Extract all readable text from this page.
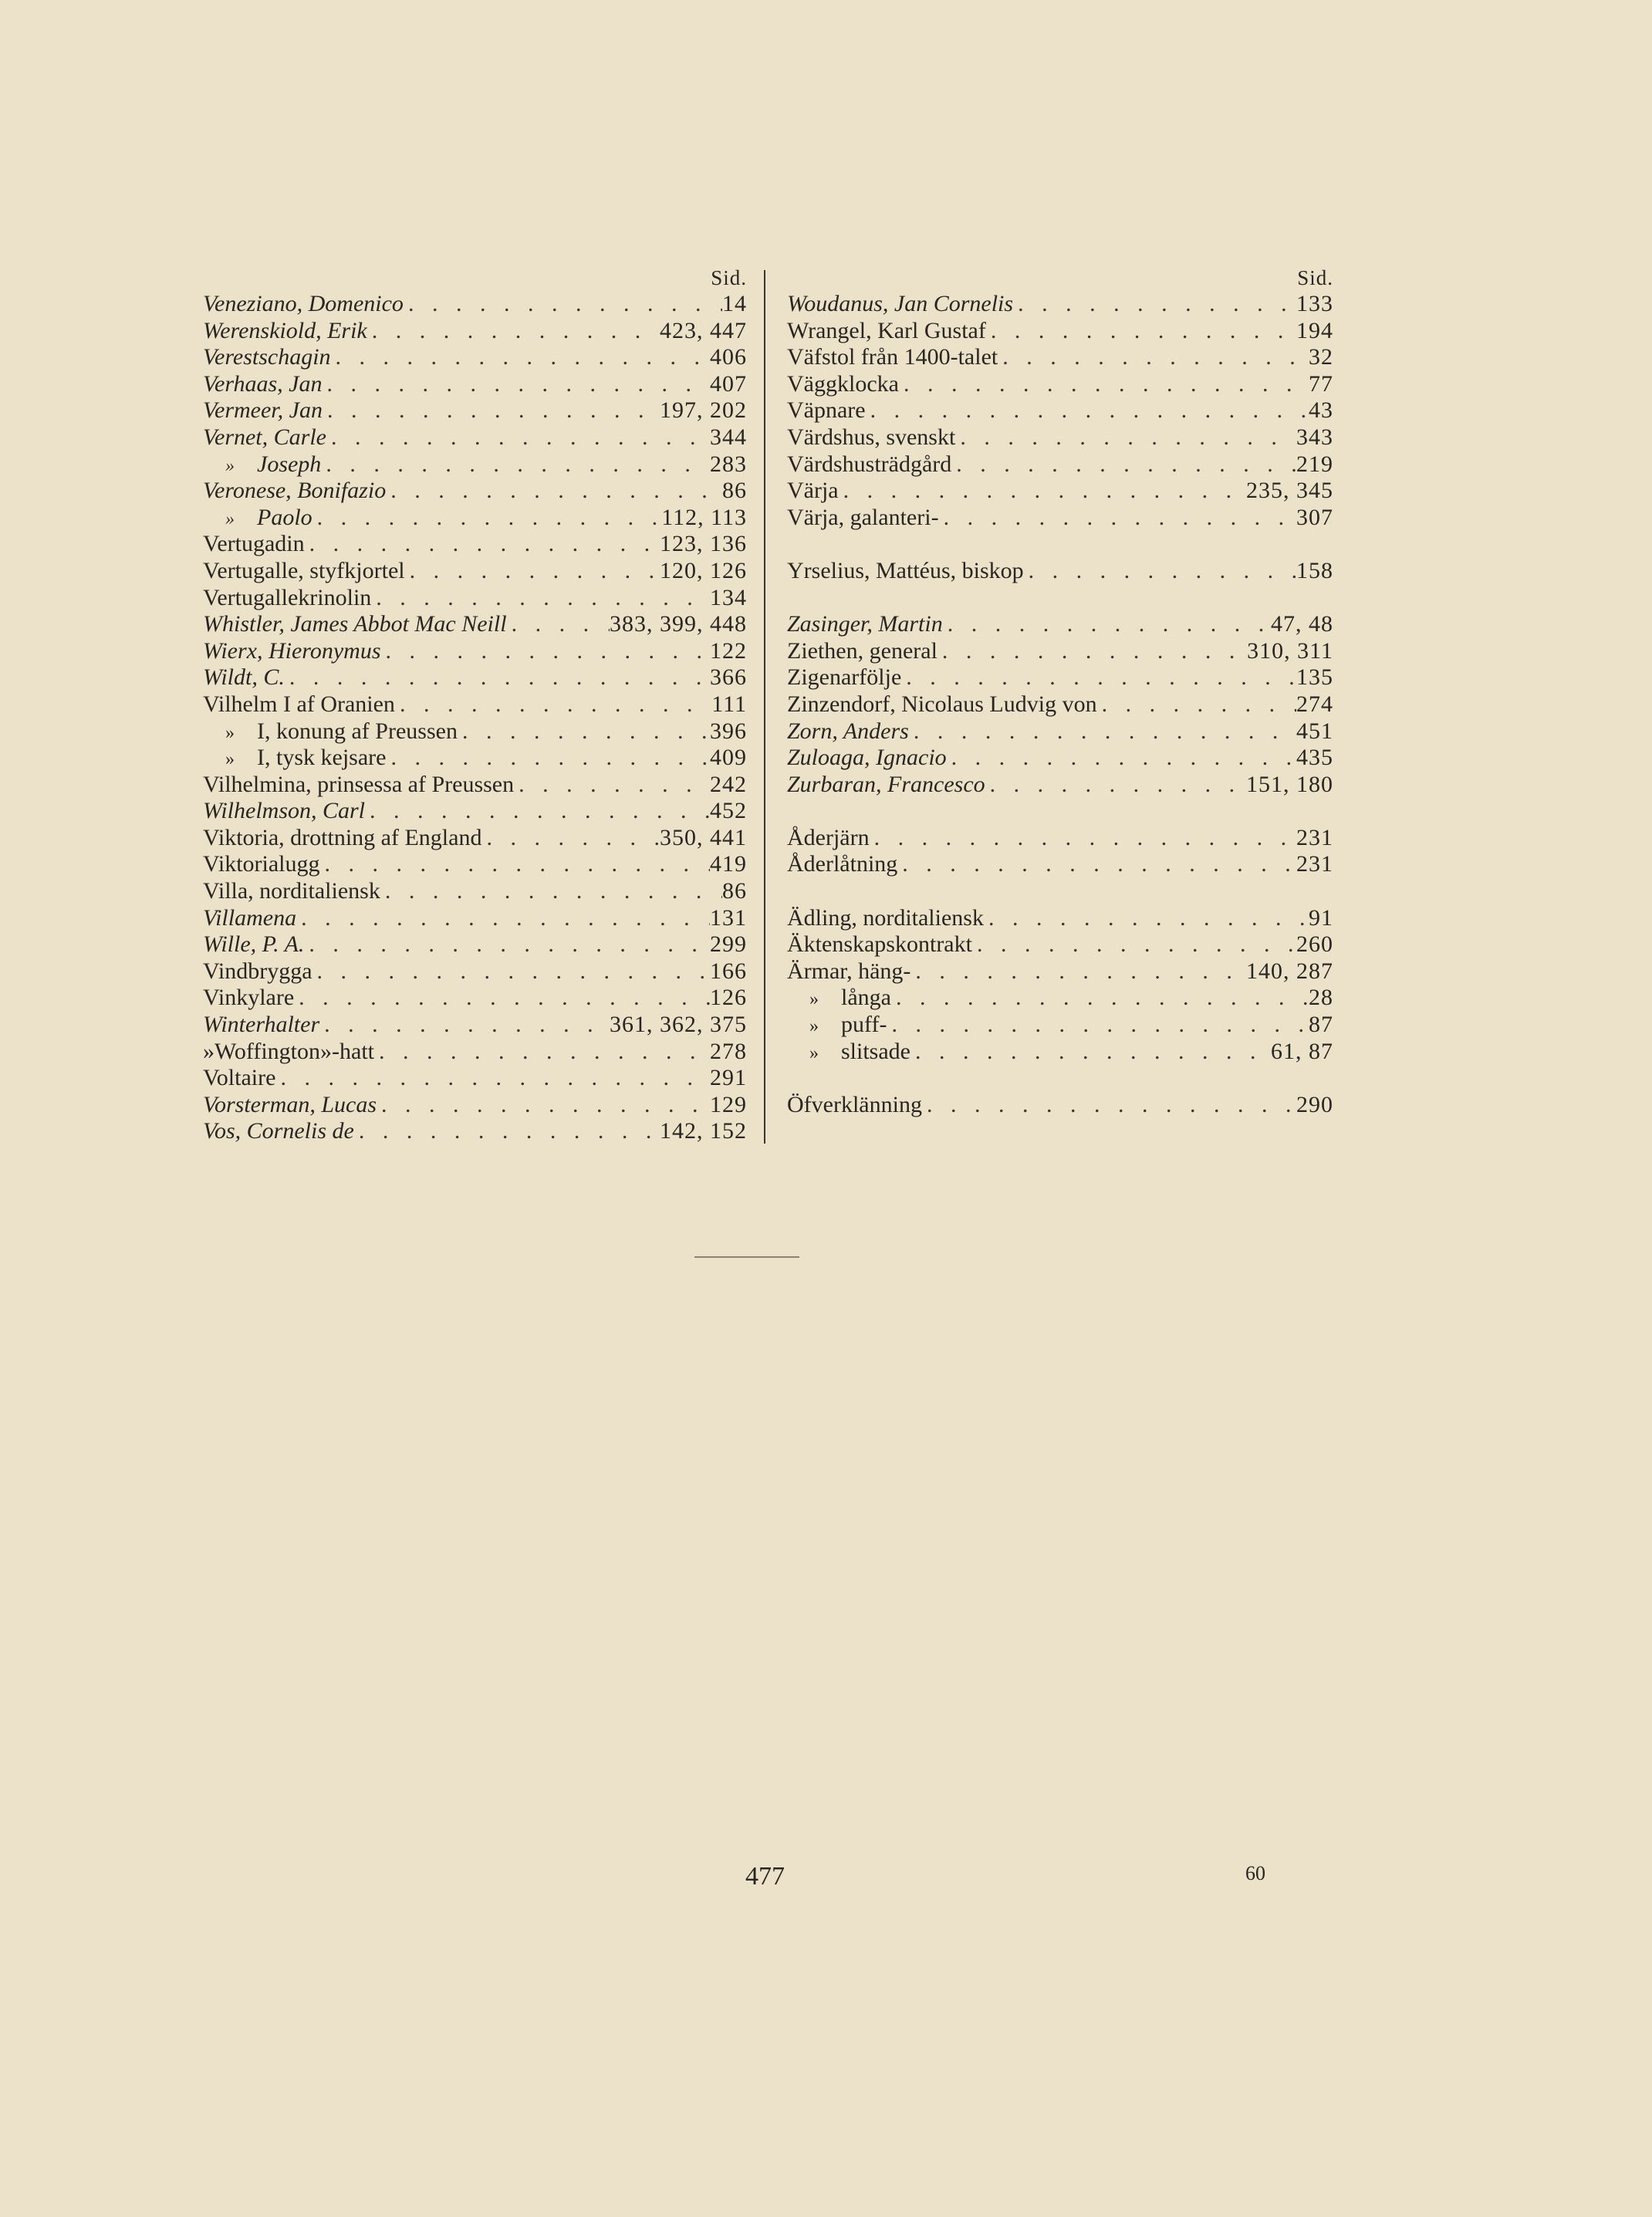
Sid.
Veneziano, Domenico . . .	14
Werenskiold, Erik . . .	423, 447
Verestschagin . . .	406
Verhaas, Jan . . .	407
Vermeer, Jan . . .	197, 202
Vernet, Carle . . .	344
» Joseph . . .	283
Veronese, Bonifazio . . .	86
» Paolo . . .	112, 113
Vertugadin . . .	123, 136
Vertugalle, styfkjortel . . .	120, 126
Vertugallekrinolin . . .	134
Whistler, James Abbot Mac Neill . . .	383, 399, 448
Wierx, Hieronymus . . .	122
Wildt, C. . . .	366
Vilhelm I af Oranien . . .	111
» I, konung af Preussen . . .	396
» I, tysk kejsare . . .	409
Vilhelmina, prinsessa af Preussen . . .	242
Wilhelmson, Carl . . .	452
Viktoria, drottning af England . . .	350, 441
Viktorialugg . . .	419
Villa, norditaliensk . . .	86
Villamena . . .	131
Wille, P. A. . . .	299
Vindbrygga . . .	166
Vinkylare . . .	126
Winterhalter . . .	361, 362, 375
»Woffington»-hatt . . .	278
Voltaire . . .	291
Vorsterman, Lucas . . .	129
Vos, Cornelis de . . .	142, 152
Sid.
Woudanus, Jan Cornelis . . .	133
Wrangel, Karl Gustaf . . .	194
Väfstol från 1400-talet . . .	32
Väggklocka . . .	77
Väpnare . . .	43
Värdshus, svenskt . . .	343
Värdshusträdgård . . .	219
Värja . . .	235, 345
Värja, galanteri- . . .	307
Yrselius, Mattéus, biskop . . .	158
Zasinger, Martin . . .	47, 48
Ziethen, general . . .	310, 311
Zigenarfölje . . .	135
Zinzendorf, Nicolaus Ludvig von . . .	274
Zorn, Anders . . .	451
Zuloaga, Ignacio . . .	435
Zurbaran, Francesco . . .	151, 180
Åderjärn . . .	231
Åderlåtning . . .	231
Ädling, norditaliensk . . .	91
Äktenskapskontrakt . . .	260
Ärmar, häng- . . .	140, 287
» långa . . .	28
» puff- . . .	87
» slitsade . . .	61, 87
Öfverklänning . . .	290
477	60
